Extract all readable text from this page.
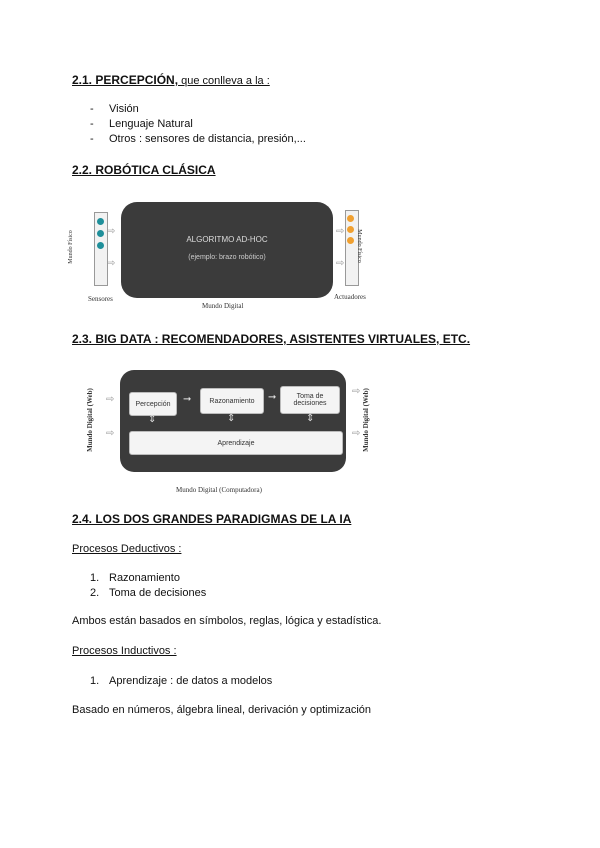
2.1. PERCEPCIÓN, que conlleva a la :
- Visión
- Lenguaje Natural
- Otros : sensores de distancia, presión,...
2.2. ROBÓTICA CLÁSICA
Mundo Físico	⇨
⇨
ALGORITMO AD-HOC
(ejemplo: brazo robótico)
⇨
⇨
Mundo Físico
Sensores	Actuadores
Mundo Digital
2.3. BIG DATA : RECOMENDADORES, ASISTENTES VIRTUALES, ETC.
Mundo Digital (Web) ⇨
⇨
Percepción	➞	Razonamiento	➞	Toma de decisiones
⇕	⇕	⇕
Aprendizaje
⇨
⇨ Mundo Digital (Web)
Mundo Digital (Computadora)
2.4. LOS DOS GRANDES PARADIGMAS DE LA IA
Procesos Deductivos :
1. Razonamiento
2. Toma de decisiones
Ambos están basados en símbolos, reglas, lógica y estadística.
Procesos Inductivos :
1. Aprendizaje : de datos a modelos
Basado en números, álgebra lineal, derivación y optimización
